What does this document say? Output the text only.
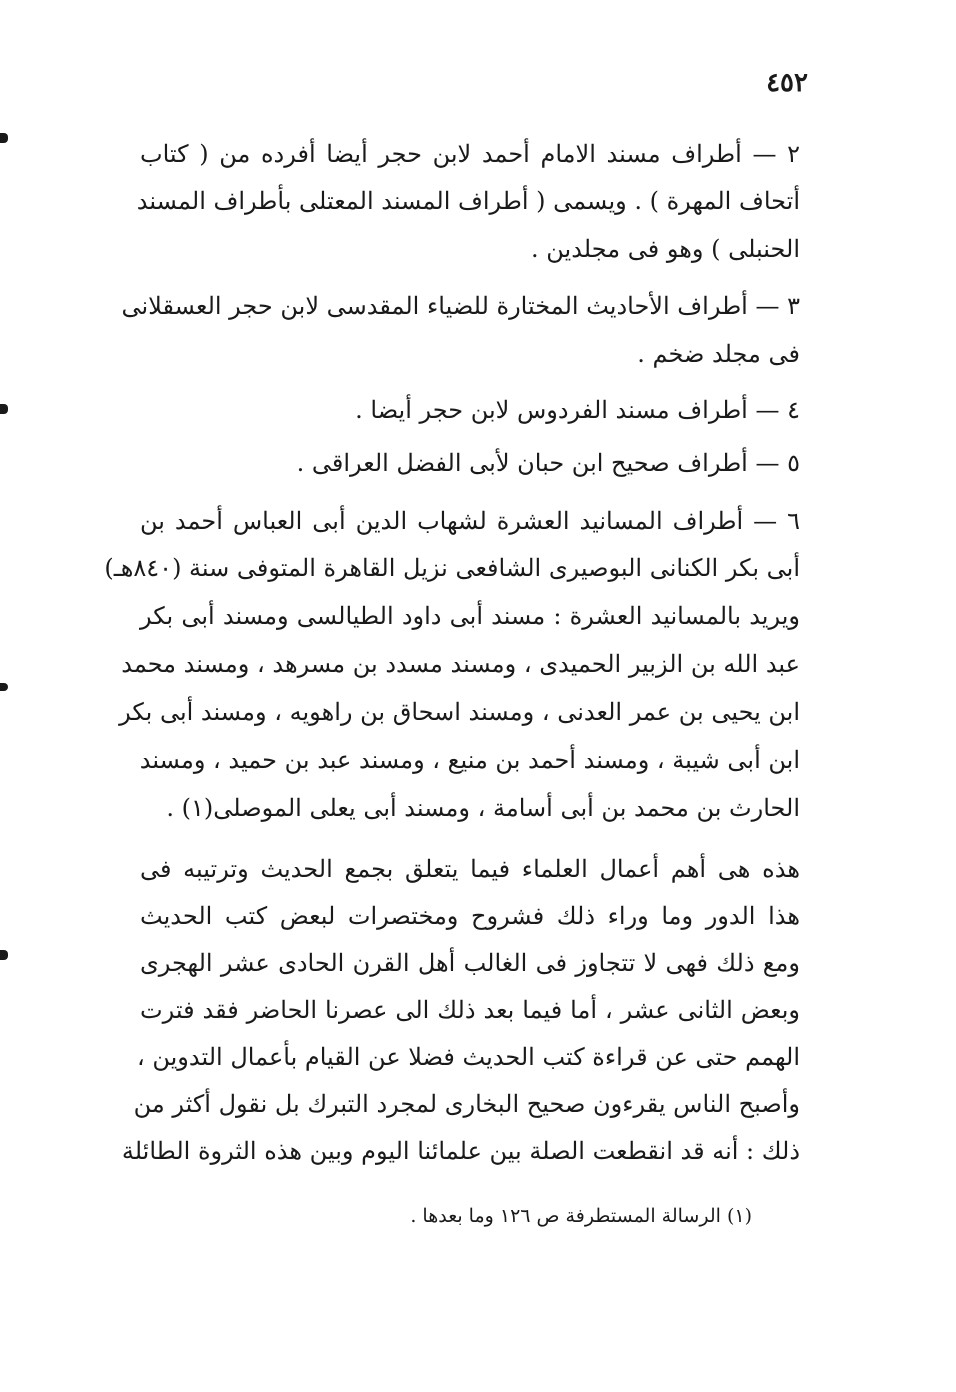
٤٥٢
٢ — أطراف مسند الامام أحمد لابن حجر أيضا أفرده من ( كتاب
أتحاف المهرة ) . ويسمى ( أطراف المسند المعتلى بأطراف المسند
الحنبلى ) وهو فى مجلدين .
٣ — أطراف الأحاديث المختارة للضياء المقدسى لابن حجر العسقلانى
فى مجلد ضخم .
٤ — أطراف مسند الفردوس لابن حجر أيضا .
٥ — أطراف صحيح ابن حبان لأبى الفضل العراقى .
٦ — أطراف المسانيد العشرة لشهاب الدين أبى العباس أحمد بن
أبى بكر الكنانى البوصيرى الشافعى نزيل القاهرة المتوفى سنة (٨٤٠هـ)
ويريد بالمسانيد العشرة : مسند أبى داود الطيالسى ومسند أبى بكر
عبد الله بن الزبير الحميدى ، ومسند مسدد بن مسرهد ، ومسند محمد
ابن يحيى بن عمر العدنى ، ومسند اسحاق بن راهويه ، ومسند أبى بكر
ابن أبى شيبة ، ومسند أحمد بن منيع ، ومسند عبد بن حميد ، ومسند
الحارث بن محمد بن أبى أسامة ، ومسند أبى يعلى الموصلى(١) .
هذه هى أهم أعمال العلماء فيما يتعلق بجمع الحديث وترتيبه فى
هذا الدور وما وراء ذلك فشروح ومختصرات لبعض كتب الحديث
ومع ذلك فهى لا تتجاوز فى الغالب أهل القرن الحادى عشر الهجرى
وبعض الثانى عشر ، أما فيما بعد ذلك الى عصرنا الحاضر فقد فترت
الهمم حتى عن قراءة كتب الحديث فضلا عن القيام بأعمال التدوين ،
وأصبح الناس يقرءون صحيح البخارى لمجرد التبرك بل نقول أكثر من
ذلك : أنه قد انقطعت الصلة بين علمائنا اليوم وبين هذه الثروة الطائلة
(١) الرسالة المستطرفة ص ١٢٦ وما بعدها .
